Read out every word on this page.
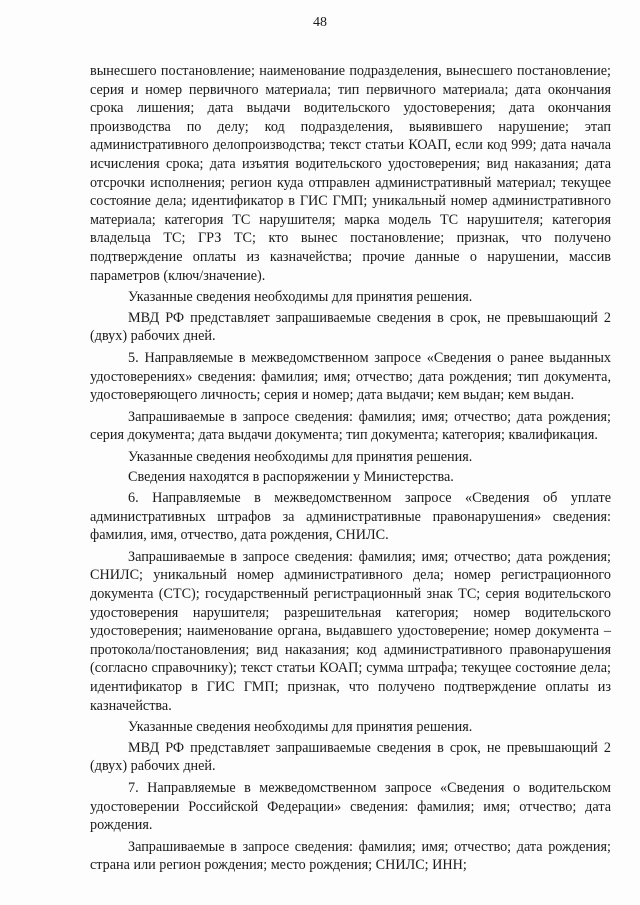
48

вынесшего постановление; наименование подразделения, вынесшего постановление; серия и номер первичного материала; тип первичного материала; дата окончания срока лишения; дата выдачи водительского удостоверения; дата окончания производства по делу; код подразделения, выявившего нарушение; этап административного делопроизводства; текст статьи КОАП, если код 999; дата начала исчисления срока; дата изъятия водительского удостоверения; вид наказания; дата отсрочки исполнения; регион куда отправлен административный материал; текущее состояние дела; идентификатор в ГИС ГМП; уникальный номер административного материала; категория ТС нарушителя; марка модель ТС нарушителя; категория владельца ТС; ГРЗ ТС; кто вынес постановление; признак, что получено подтверждение оплаты из казначейства; прочие данные о нарушении, массив параметров (ключ/значение).

Указанные сведения необходимы для принятия решения.

МВД РФ представляет запрашиваемые сведения в срок, не превышающий 2 (двух) рабочих дней.

5. Направляемые в межведомственном запросе «Сведения о ранее выданных удостоверениях» сведения: фамилия; имя; отчество; дата рождения; тип документа, удостоверяющего личность; серия и номер; дата выдачи; кем выдан; кем выдан.

Запрашиваемые в запросе сведения: фамилия; имя; отчество; дата рождения; серия документа; дата выдачи документа; тип документа; категория; квалификация.

Указанные сведения необходимы для принятия решения.

Сведения находятся в распоряжении у Министерства.

6. Направляемые в межведомственном запросе «Сведения об уплате административных штрафов за административные правонарушения» сведения: фамилия, имя, отчество, дата рождения, СНИЛС.

Запрашиваемые в запросе сведения: фамилия; имя; отчество; дата рождения; СНИЛС; уникальный номер административного дела; номер регистрационного документа (СТС); государственный регистрационный знак ТС; серия водительского удостоверения нарушителя; разрешительная категория; номер водительского удостоверения; наименование органа, выдавшего удостоверение; номер документа – протокола/постановления; вид наказания; код административного правонарушения (согласно справочнику); текст статьи КОАП; сумма штрафа; текущее состояние дела; идентификатор в ГИС ГМП; признак, что получено подтверждение оплаты из казначейства.

Указанные сведения необходимы для принятия решения.

МВД РФ представляет запрашиваемые сведения в срок, не превышающий 2 (двух) рабочих дней.

7. Направляемые в межведомственном запросе «Сведения о водительском удостоверении Российской Федерации» сведения: фамилия; имя; отчество; дата рождения.

Запрашиваемые в запросе сведения: фамилия; имя; отчество; дата рождения; страна или регион рождения; место рождения; СНИЛС; ИНН;
